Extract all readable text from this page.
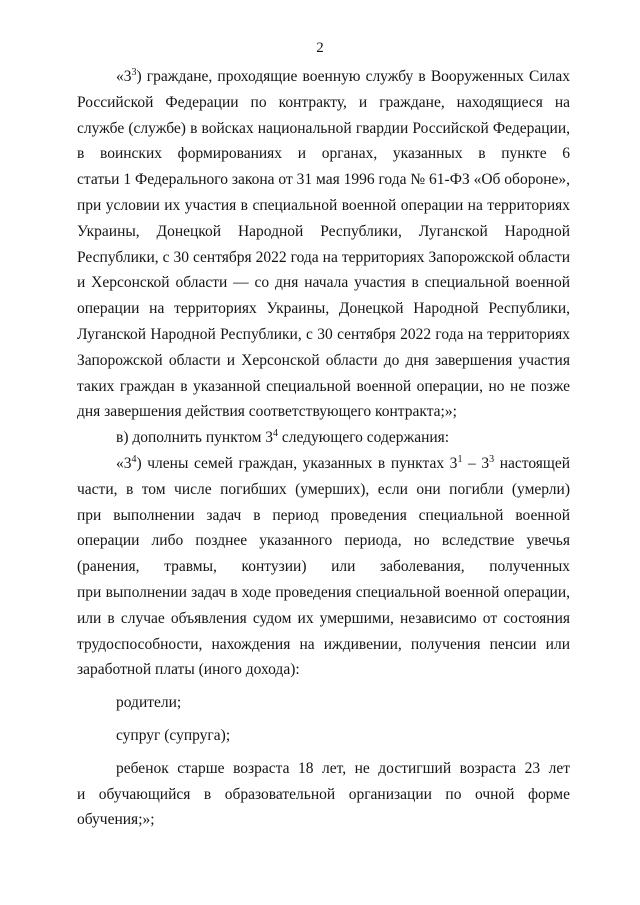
2
«$3^3$) граждане, проходящие военную службу в Вооруженных Силах
Российской Федерации по контракту, и граждане, находящиеся на
службе (службе) в войсках национальной гвардии Российской Федерации,
в воинских формированиях и органах, указанных в пункте 6
статьи 1 Федерального закона от 31 мая 1996 года № 61-ФЗ «Об обороне»,
при условии их участия в специальной военной операции на территориях
Украины, Донецкой Народной Республики, Луганской Народной
Республики, с 30 сентября 2022 года на территориях Запорожской области
и Херсонской области — со дня начала участия в специальной военной
операции на территориях Украины, Донецкой Народной Республики,
Луганской Народной Республики, с 30 сентября 2022 года на территориях
Запорожской области и Херсонской области до дня завершения участия
таких граждан в указанной специальной военной операции, но не позже
дня завершения действия соответствующего контракта;»;
в) дополнить пунктом $3^4$ следующего содержания:
«$3^4$) члены семей граждан, указанных в пунктах $3^1 - 3^3$ настоящей
части, в том числе погибших (умерших), если они погибли (умерли)
при выполнении задач в период проведения специальной военной
операции либо позднее указанного периода, но вследствие увечья
(ранения, травмы, контузии) или заболевания, полученных
при выполнении задач в ходе проведения специальной военной операции,
или в случае объявления судом их умершими, независимо от состояния
трудоспособности, нахождения на иждивении, получения пенсии или
заработной платы (иного дохода):
родители;
супруг (супруга);
ребенок старше возраста 18 лет, не достигший возраста 23 лет
и обучающийся в образовательной организации по очной форме
обучения;»;
